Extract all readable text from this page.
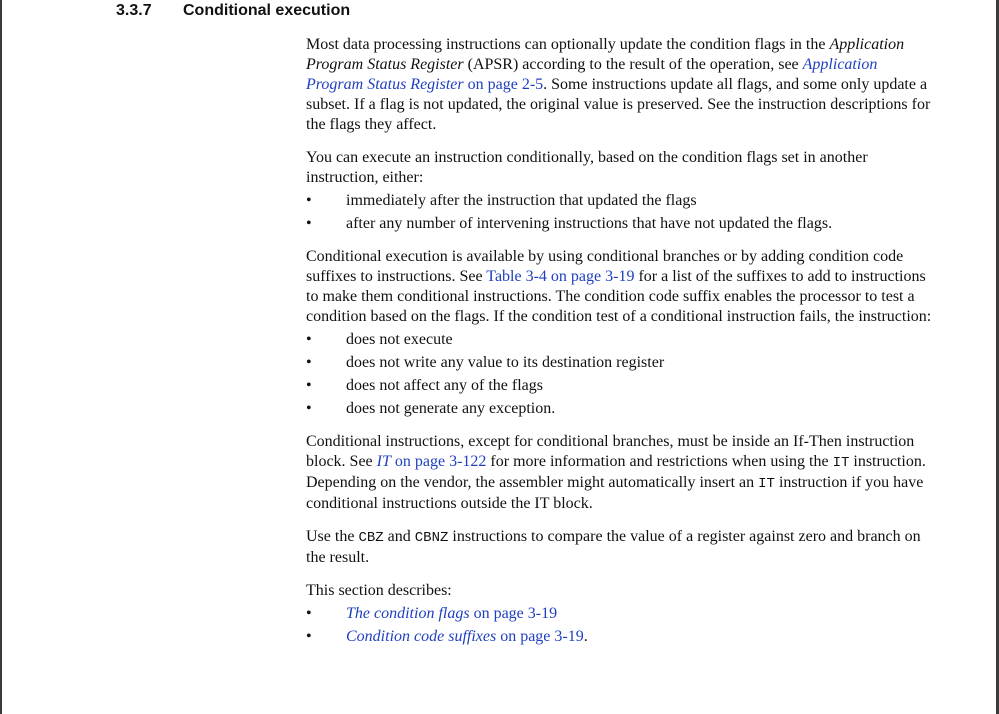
3.3.7 Conditional execution

Most data processing instructions can optionally update the condition flags in the Application Program Status Register (APSR) according to the result of the operation, see Application Program Status Register on page 2-5. Some instructions update all flags, and some only update a subset. If a flag is not updated, the original value is preserved. See the instruction descriptions for the flags they affect.

You can execute an instruction conditionally, based on the condition flags set in another instruction, either:

• immediately after the instruction that updated the flags
• after any number of intervening instructions that have not updated the flags.

Conditional execution is available by using conditional branches or by adding condition code suffixes to instructions. See Table 3-4 on page 3-19 for a list of the suffixes to add to instructions to make them conditional instructions. The condition code suffix enables the processor to test a condition based on the flags. If the condition test of a conditional instruction fails, the instruction:

• does not execute
• does not write any value to its destination register
• does not affect any of the flags
• does not generate any exception.

Conditional instructions, except for conditional branches, must be inside an If-Then instruction block. See IT on page 3-122 for more information and restrictions when using the IT instruction. Depending on the vendor, the assembler might automatically insert an IT instruction if you have conditional instructions outside the IT block.

Use the CBZ and CBNZ instructions to compare the value of a register against zero and branch on the result.

This section describes:

• The condition flags on page 3-19
• Condition code suffixes on page 3-19.
